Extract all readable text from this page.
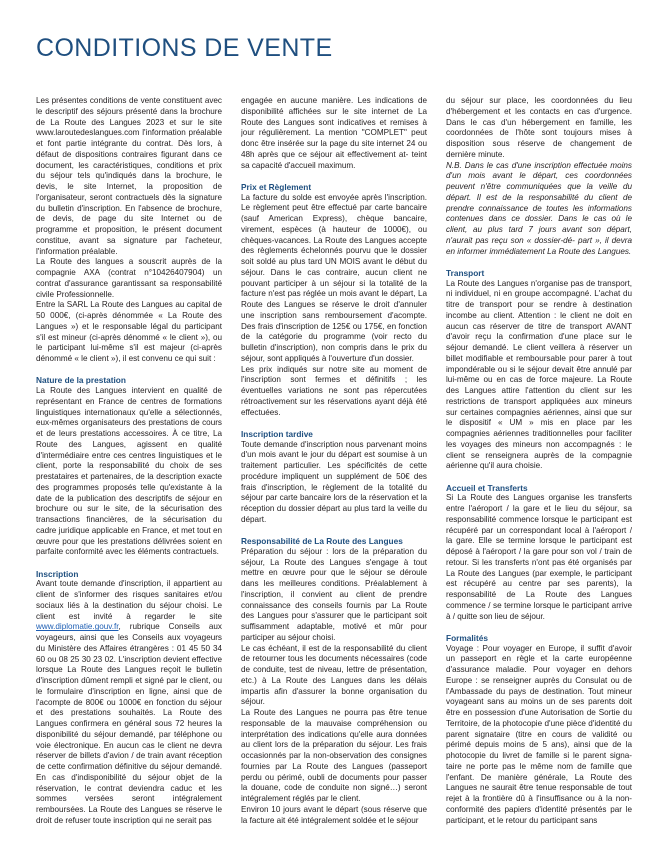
CONDITIONS DE VENTE

Les présentes conditions de vente constituent avec le descriptif des séjours présenté dans la brochure de La Route des Langues 2023 et sur le site www.laroutedeslangues.com l'information préalable et font partie intégrante du contrat. Dès lors, à défaut de dispositions contraires figurant dans ce document, les caractéristiques, conditions et prix du séjour tels qu'indiqués dans la brochure, le devis, le site Internet, la proposition de l'organisateur, seront contractuels dès la signature du bulletin d'inscription. En l'absence de brochure, de devis, de page du site Internet ou de programme et proposition, le présent document constitue, avant sa signature par l'acheteur, l'information préalable.

La Route des langues a souscrit auprès de la compagnie AXA (contrat n°10426407904) un contrat d'assurance garantissant sa responsabilité civile Professionnelle.

Entre la SARL La Route des Langues au capital de 50 000€, (ci-après dénommée « La Route des Langues ») et le responsable légal du participant s'il est mineur (ci-après dénommé « le client »), ou le participant lui-même s'il est majeur (ci-après dénommé « le client »), il est convenu ce qui suit :

Nature de la prestation

La Route des Langues intervient en qualité de représentant en France de centres de formations linguistiques internationaux qu'elle a sélectionnés, eux-mêmes organisateurs des prestations de cours et de leurs prestations accessoires. À ce titre, La Route des Langues, agissent en qualité d'intermédiaire entre ces centres linguistiques et le client, porte la responsabilité du choix de ses prestataires et partenaires, de la description exacte des programmes proposés telle qu'existante à la date de la publication des descriptifs de séjour en brochure ou sur le site, de la sécurisation des transactions financières, de la sécurisation du cadre juridique applicable en France, et met tout en œuvre pour que les prestations délivrées soient en parfaite conformité avec les éléments contractuels.

Inscription

Avant toute demande d'inscription, il appartient au client de s'informer des risques sanitaires et/ou sociaux liés à la destination du séjour choisi. Le client est invité à regarder le site www.diplomatie.gouv.fr, rubrique Conseils aux voyageurs, ainsi que les Conseils aux voyageurs du Ministère des Affaires étrangères : 01 45 50 34 60 ou 08 25 30 23 02. L'inscription devient effective lorsque La Route des Langues reçoit le bulletin d'inscription dûment rempli et signé par le client, ou le formulaire d'inscription en ligne, ainsi que de l'acompte de 800€ ou 1000€ en fonction du séjour et des prestations souhaités. La Route des Langues confirmera en général sous 72 heures la disponibilité du séjour demandé, par téléphone ou voie électronique. En aucun cas le client ne devra réserver de billets d'avion / de train avant réception de cette confirmation définitive du séjour demandé. En cas d'indisponibilité du séjour objet de la réservation, le contrat deviendra caduc et les sommes versées seront intégralement remboursées. La Route des Langues se réserve le droit de refuser toute inscription qui ne serait pas

engagée en aucune manière. Les indications de disponibilité affichées sur le site internet de La Route des Langues sont indicatives et remises à jour régulièrement. La mention "COMPLET" peut donc être insérée sur la page du site internet 24 ou 48h après que ce séjour ait effectivement at- teint sa capacité d'accueil maximum.

Prix et Règlement

La facture du solde est envoyée après l'inscription. Le règlement peut être effectué par carte bancaire (sauf American Express), chèque bancaire, virement, espèces (à hauteur de 1000€), ou chèques-vacances. La Route des Langues accepte des règlements échelonnés pourvu que le dossier soit soldé au plus tard UN MOIS avant le début du séjour. Dans le cas contraire, aucun client ne pouvant participer à un séjour si la totalité de la facture n'est pas réglée un mois avant le départ, La Route des Langues se réserve le droit d'annuler une inscription sans remboursement d'acompte. Des frais d'inscription de 125€ ou 175€, en fonction de la catégorie du programme (voir recto du bulletin d'inscription), non compris dans le prix du séjour, sont appliqués à l'ouverture d'un dossier.

Les prix indiqués sur notre site au moment de l'inscription sont fermes et définitifs ; les éventuelles variations ne sont pas répercutées rétroactivement sur les réservations ayant déjà été effectuées.

Inscription tardive

Toute demande d'inscription nous parvenant moins d'un mois avant le jour du départ est soumise à un traitement particulier. Les spécificités de cette procédure impliquent un supplément de 50€ des frais d'inscription, le règlement de la totalité du séjour par carte bancaire lors de la réservation et la réception du dossier départ au plus tard la veille du départ.

Responsabilité de La Route des Langues

Préparation du séjour : lors de la préparation du séjour, La Route des Langues s'engage à tout mettre en œuvre pour que le séjour se déroule dans les meilleures conditions. Préalablement à l'inscription, il convient au client de prendre connaissance des conseils fournis par La Route des Langues pour s'assurer que le participant soit suffisamment adaptable, motivé et mûr pour participer au séjour choisi.

Le cas échéant, il est de la responsabilité du client de retourner tous les documents nécessaires (code de conduite, test de niveau, lettre de présentation, etc.) à La Route des Langues dans les délais impartis afin d'assurer la bonne organisation du séjour.

La Route des Langues ne pourra pas être tenue responsable de la mauvaise compréhension ou interprétation des indications qu'elle aura données au client lors de la préparation du séjour. Les frais occasionnés par la non-observation des consignes fournies par La Route des Langues (passeport perdu ou périmé, oubli de documents pour passer la douane, code de conduite non signé…) seront intégralement réglés par le client.

Environ 10 jours avant le départ (sous réserve que la facture ait été intégralement soldée et le séjour

du séjour sur place, les coordonnées du lieu d'hébergement et les contacts en cas d'urgence. Dans le cas d'un hébergement en famille, les coordonnées de l'hôte sont toujours mises à disposition sous réserve de changement de dernière minute.

N.B. Dans le cas d'une inscription effectuée moins d'un mois avant le départ, ces coordonnées peuvent n'être communiquées que la veille du départ. Il est de la responsabilité du client de prendre connaissance de toutes les informations contenues dans ce dossier. Dans le cas où le client, au plus tard 7 jours avant son départ, n'aurait pas reçu son « dossier-dé- part », il devra en informer immédiatement La Route des Langues.

Transport

La Route des Langues n'organise pas de transport, ni individuel, ni en groupe accompagné. L'achat du titre de transport pour se rendre à destination incombe au client. Attention : le client ne doit en aucun cas réserver de titre de transport AVANT d'avoir reçu la confirmation d'une place sur le séjour demandé. Le client veillera à réserver un billet modifiable et remboursable pour parer à tout impondérable ou si le séjour devait être annulé par lui-même ou en cas de force majeure. La Route des Langues attire l'attention du client sur les restrictions de transport appliquées aux mineurs sur certaines compagnies aériennes, ainsi que sur le dispositif « UM » mis en place par les compagnies aériennes traditionnelles pour faciliter les voyages des mineurs non accompagnés : le client se renseignera auprès de la compagnie aérienne qu'il aura choisie.

Accueil et Transferts

Si La Route des Langues organise les transferts entre l'aéroport / la gare et le lieu du séjour, sa responsabilité commence lorsque le participant est récupéré par un correspondant local à l'aéroport / la gare. Elle se termine lorsque le participant est déposé à l'aéroport / la gare pour son vol / train de retour. Si les transferts n'ont pas été organisés par La Route des Langues (par exemple, le participant est récupéré au centre par ses parents), la responsabilité de La Route des Langues commence / se termine lorsque le participant arrive à / quitte son lieu de séjour.

Formalités

Voyage : Pour voyager en Europe, il suffit d'avoir un passeport en règle et la carte européenne d'assurance maladie. Pour voyager en dehors Europe : se renseigner auprès du Consulat ou de l'Ambassade du pays de destination. Tout mineur voyageant sans au moins un de ses parents doit être en possession d'une Autorisation de Sortie du Territoire, de la photocopie d'une pièce d'identité du parent signataire (titre en cours de validité ou périmé depuis moins de 5 ans), ainsi que de la photocopie du livret de famille si le parent signa- taire ne porte pas le même nom de famille que l'enfant. De manière générale, La Route des Langues ne saurait être tenue responsable de tout rejet à la frontière dû à l'insuffisance ou à la non-conformité des papiers d'identité présentés par le participant, et le retour du participant sans
